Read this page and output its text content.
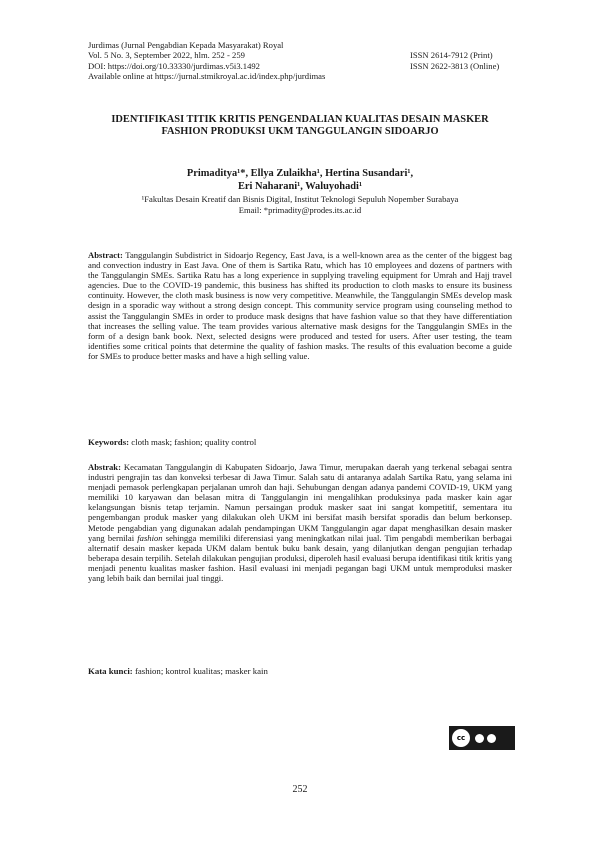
Jurdimas (Jurnal Pengabdian Kepada Masyarakat) Royal
Vol. 5 No. 3, September 2022, hlm. 252 - 259	ISSN 2614-7912 (Print)
DOI: https://doi.org/10.33330/jurdimas.v5i3.1492	ISSN 2622-3813 (Online)
Available online at https://jurnal.stmikroyal.ac.id/index.php/jurdimas
IDENTIFIKASI TITIK KRITIS PENGENDALIAN KUALITAS DESAIN MASKER FASHION PRODUKSI UKM TANGGULANGIN SIDOARJO
Primaditya¹*, Ellya Zulaikha¹, Hertina Susandari¹,
Eri Naharani¹, Waluyohadi¹
¹Fakultas Desain Kreatif dan Bisnis Digital, Institut Teknologi Sepuluh Nopember Surabaya
Email: *primadity@prodes.its.ac.id
Abstract: Tanggulangin Subdistrict in Sidoarjo Regency, East Java, is a well-known area as the center of the biggest bag and convection industry in East Java. One of them is Sartika Ratu, which has 10 employees and dozens of partners with the Tanggulangin SMEs. Sartika Ratu has a long experience in supplying traveling equipment for Umrah and Hajj travel agencies. Due to the COVID-19 pandemic, this business has shifted its production to cloth masks to ensure its business continuity. However, the cloth mask business is now very competitive. Meanwhile, the Tanggulangin SMEs develop mask design in a sporadic way without a strong design concept. This community service program using counseling method to assist the Tanggulangin SMEs in order to produce mask designs that have fashion value so that they have differentiation that increases the selling value. The team provides various alternative mask designs for the Tanggulangin SMEs in the form of a design bank book. Next, selected designs were produced and tested for users. After user testing, the team identifies some critical points that determine the quality of fashion masks. The results of this evaluation become a guide for SMEs to produce better masks and have a high selling value.
Keywords: cloth mask; fashion; quality control
Abstrak: Kecamatan Tanggulangin di Kabupaten Sidoarjo, Jawa Timur, merupakan daerah yang terkenal sebagai sentra industri pengrajin tas dan konveksi terbesar di Jawa Timur. Salah satu di antaranya adalah Sartika Ratu, yang selama ini menjadi pemasok perlengkapan perjalanan umroh dan haji. Sehubungan dengan adanya pandemi COVID-19, UKM yang memiliki 10 karyawan dan belasan mitra di Tanggulangin ini mengalihkan produksinya pada masker kain agar kelangsungan bisnis tetap terjamin. Namun persaingan produk masker saat ini sangat kompetitif, sementara itu pengembangan produk masker yang dilakukan oleh UKM ini bersifat masih bersifat sporadis dan belum berkonsep. Metode pengabdian yang digunakan adalah pendampingan UKM Tanggulangin agar dapat menghasilkan desain masker yang bernilai fashion sehingga memiliki diferensiasi yang meningkatkan nilai jual. Tim pengabdi memberikan berbagai alternatif desain masker kepada UKM dalam bentuk buku bank desain, yang dilanjutkan dengan pengujian terhadap beberapa desain terpilih. Setelah dilakukan pengujian produksi, diperoleh hasil evaluasi berupa identifikasi titik kritis yang menjadi penentu kualitas masker fashion. Hasil evaluasi ini menjadi pegangan bagi UKM untuk memproduksi masker yang lebih baik dan bernilai jual tinggi.
Kata kunci: fashion; kontrol kualitas; masker kain
cc
252
